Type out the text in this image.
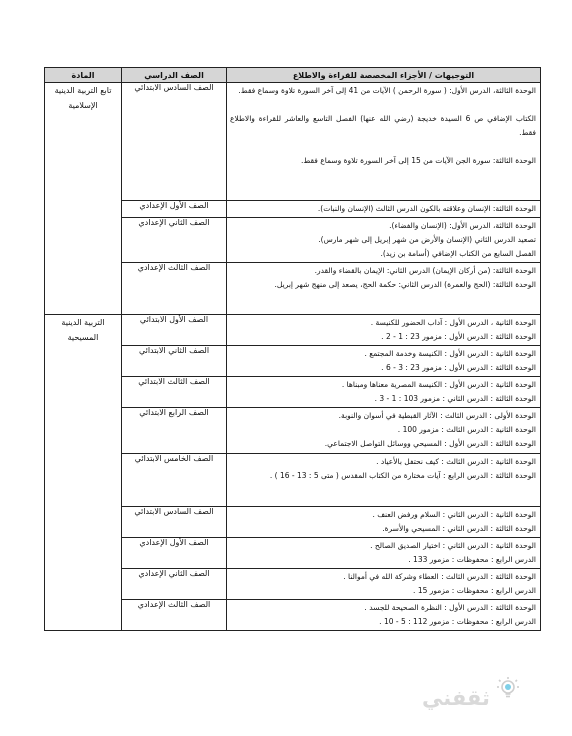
التوجيهات / الأجزاء المخصصة للقراءة والاطلاع	الصف الدراسي	المادة

الوحدة الثالثة، الدرس الأول: ( سورة الرحمن ) الآيات من 41 إلى آخر السورة تلاوة وسماع فقط.

الكتاب الإضافي ص 6 السيدة خديجة (رضي الله عنها) الفصل التاسع والعاشر للقراءة والاطلاع فقط.

الوحدة الثالثة: سورة الجن الآيات من 15 إلى آخر السورة تلاوة وسماع فقط.	الصف السادس الابتدائي	تابع التربية الدينية الإسلامية

الوحدة الثالثة: الإنسان وعلاقته بالكون الدرس الثالث (الإنسان والنبات).	الصف الأول الإعدادي	

الوحدة الثالثة، الدرس الأول: (الإنسان والفضاء).

تصعيد الدرس الثاني (الإنسان والأرض من شهر إبريل إلى شهر مارس).

الفصل السابع من الكتاب الإضافي (أسامة بن زيد).	الصف الثاني الإعدادي	

الوحدة الثالثة: (من أركان الإيمان) الدرس الثاني: الإيمان بالقضاء والقدر.

الوحدة الثالثة: (الحج والعمرة) الدرس الثاني: حكمة الحج، يصعد إلى منهج شهر إبريل.	الصف الثالث الإعدادي	

الوحدة الثانية ، الدرس الأول : آداب الحضور للكنيسة .

الوحدة الثالثة : الدرس الأول : مزمور 23 : 1 - 2 .	الصف الأول الابتدائي	التربية الدينية المسيحية

الوحدة الثانية : الدرس الأول : الكنيسة وخدمة المجتمع .

الوحدة الثالثة : الدرس الأول : مزمور 23 : 3 - 6 .	الصف الثاني الابتدائي	

الوحدة الثانية : الدرس الأول : الكنيسة المصرية معناها ومبناها .

الوحدة الثالثة : الدرس الثاني : مزمور 103 : 1 - 3 .	الصف الثالث الابتدائي	

الوحدة الأولى : الدرس الثالث : الآثار القبطية في أسوان والنوبة.

الوحدة الثانية : الدرس الثالث : مزمور 100 .

الوحدة الثالثة : الدرس الأول : المسيحي ووسائل التواصل الاجتماعي.	الصف الرابع الابتدائي	

الوحدة الثانية : الدرس الثالث : كيف نحتفل بالأعياد .

الوحدة الثالثة : الدرس الرابع : آيات مختارة من الكتاب المقدس ( متى 5 : 13 - 16 ) .	الصف الخامس الابتدائي	

الوحدة الثانية : الدرس الثاني : السلام ورفض العنف .

الوحدة الثالثة : الدرس الثاني : المسيحي والأسرة.	الصف السادس الابتدائي	

الوحدة الثانية : الدرس الثاني : اختيار الصديق الصالح .

الدرس الرابع : محفوظات : مزمور 133 .	الصف الأول الإعدادي	

الوحدة الثالثة : الدرس الثالث : العطاء وشركة الله في أموالنا .

الدرس الرابع : محفوظات : مزمور 15 .	الصف الثاني الإعدادي	

الوحدة الثالثة : الدرس الأول : النظرة الصحيحة للجسد .

الدرس الرابع : محفوظات : مزمور 112 : 5 - 10 .	الصف الثالث الإعدادي	
ثقفني
